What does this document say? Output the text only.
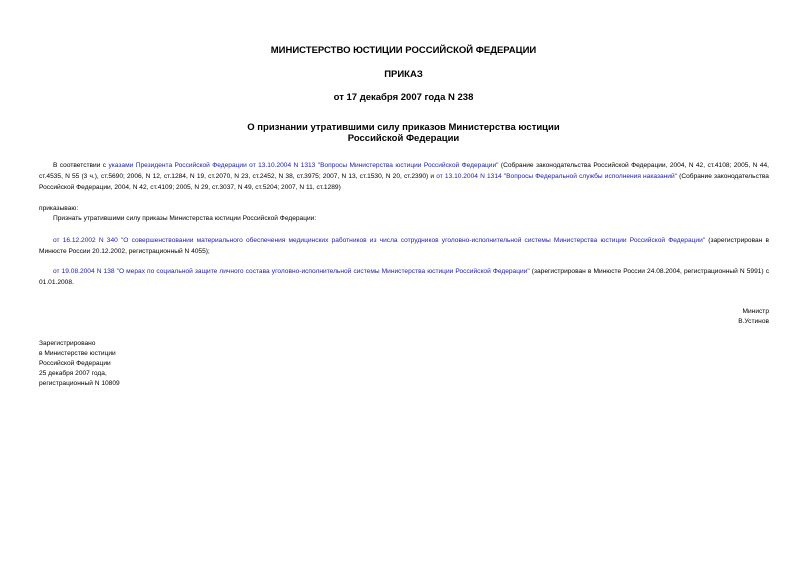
МИНИСТЕРСТВО ЮСТИЦИИ РОССИЙСКОЙ ФЕДЕРАЦИИ
ПРИКАЗ
от 17 декабря 2007 года N 238
О признании утратившими силу приказов Министерства юстиции
Российской Федерации
В соответствии с указами Президента Российской Федерации от 13.10.2004 N 1313 "Вопросы Министерства юстиции Российской Федерации" (Собрание законодательства Российской Федерации, 2004, N 42, ст.4108; 2005, N 44, ст.4535, N 55 (3 ч.), ст.5690; 2006, N 12, ст.1284, N 19, ст.2070, N 23, ст.2452, N 38, ст.3975; 2007, N 13, ст.1530, N 20, ст.2390) и от 13.10.2004 N 1314 "Вопросы Федеральной службы исполнения наказаний" (Собрание законодательства Российской Федерации, 2004, N 42, ст.4109; 2005, N 29, ст.3037, N 49, ст.5204; 2007, N 11, ст.1289)
приказываю:
Признать утратившими силу приказы Министерства юстиции Российской Федерации:
от 16.12.2002 N 340 "О совершенствовании материального обеспечения медицинских работников из числа сотрудников уголовно-исполнительной системы Министерства юстиции Российской Федерации" (зарегистрирован в Минюсте России 20.12.2002, регистрационный N 4055);
от 19.08.2004 N 138 "О мерах по социальной защите личного состава уголовно-исполнительной системы Министерства юстиции Российской Федерации" (зарегистрирован в Минюсте России 24.08.2004, регистрационный N 5991) с 01.01.2008.
Министр
В.Устинов
Зарегистрировано
в Министерстве юстиции
Российской Федерации
25 декабря 2007 года,
регистрационный N 10809
